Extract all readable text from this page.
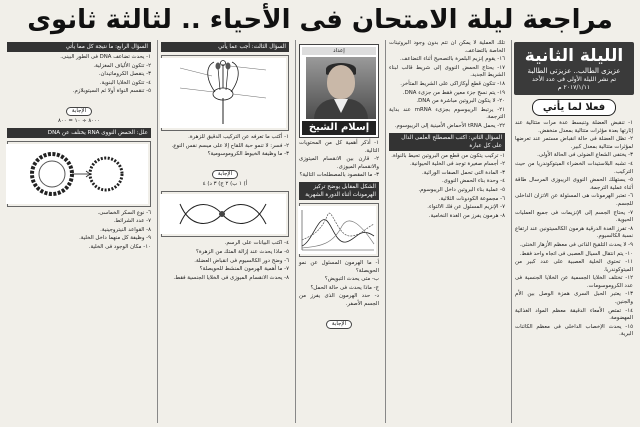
مراجعة ليلة الامتحان فى الأحياء .. لثالثة ثانوى
الليلة الثانية
عزيزى الطالب.. عزيزتى الطالبة
تم نشر الليلة الأولى فى عدد الأحد ٢٠١٧/١/١١ م
فعلا لما يأتي

١- تنقبض العضلة وتنبسط عدة مرات متتالية عند إثارتها بعدة مؤثرات متتالية بمعدل منخفض.

٢- تظل العضلة فى حالة انقباض مستمر عند تعرضها لمؤثرات متتالية بمعدل كبير.

٣- يختفى الشعاع الضوئى فى الحالة الأولى.

٤- تشبه البلاستيدات الخضراء الميتوكوندريا من حيث التركيب.

٥- يستهلك الحمض النووى الريبوزى المرسال طاقة أثناء عملية الترجمة.

٦- تعتبر الهرمونات هى المسئولة عن الاتزان الداخلى للجسم.

٧- يحتاج الجسم إلى الإنزيمات فى جميع العمليات الحيوية.

٨- تفرز الغدة الدرقية هرمون الكالسيتونين عند ارتفاع نسبة الكالسيوم.

٩- لا يحدث التلقيح الذاتى فى معظم الأزهار الخنثى.

١٠- يتم انتقال السيال العصبى فى اتجاه واحد فقط.

١١- تحتوى الخلية العصبية على عدد كبير من الميتوكوندريا.

١٢- تختلف الخلايا الجسمية عن الخلايا الجنسية فى عدد الكروموسومات.

١٣- يعتبر الحبل السرى همزة الوصل بين الأم والجنين.

١٤- تمتص الأمعاء الدقيقة معظم المواد الغذائية المهضومة.

١٥- يحدث الإخصاب الداخلى فى معظم الكائنات البرية.

تلك العملية لا يمكن أن تتم بدون وجود البروتينات الخاصة بالتضاعف.

١٦- يقوم إنزيم البلمرة بالتصحيح أثناء التضاعف.

١٧- يحتاج الحمض النووى إلى شريط قالب لبناء الشريط الجديد.

١٨- تتكون قطع أوكازاكى على الشريط المتأخر.

١٩- يتم نسخ جزء معين فقط من جزىء DNA.

٢٠- لا يتكون البروتين مباشرة من DNA.

٢١- يرتبط الريبوسوم بجزىء mRNA عند بداية الترجمة.

٢٢- يحمل tRNA الأحماض الأمينية إلى الريبوسوم.

السؤال الثاني: اكتب المصطلح العلمى الدال على كل عبارة

١- تركيب يتكون من قطع من البروتين تحيط بالنواة.

٢- أجسام صغيرة توجد فى الخلية الحيوانية.

٣- المادة التى تحمل الصفات الوراثية.

٤- وحدة بناء الحمض النووى.

٥- عملية بناء البروتين داخل الريبوسوم.

٦- مجموعة الكودونات الثلاثية.

٧- الإنزيم المسئول عن فك الالتواء.

٨- هرمون يفرز من الغدة النخامية.

إعداد
إسلام الشيخ

١- أذكر أهمية كل من المحتويات التالية.

٢- قارن بين الانقسام الميتوزى والانقسام الميوزى.

٣- ما المقصود بالمصطلحات التالية؟

الشكل المقابل يوضح تركيز الهرمونات أثناء الدورة الشهرية

أ- ما الهرمون المسئول عن نمو الحويصلة؟

ب- متى يحدث التبويض؟

ج- ماذا يحدث فى حالة الحمل؟

د- حدد الهرمون الذى يفرز من الجسم الأصفر.

الإجابة
السؤال الثالث: أجب عما يأتي

١- أكتب ما تعرفه عن التركيب الدقيق للزهرة.

٢- فسر: لا تنمو حبة اللقاح إلا على ميسم نفس النوع.

٣- ما وظيفة الخيوط الكروموسومية؟

الإجابة
أ) ١ ب) ٢ ج) ٣ د) ٤

٤- اكتب البيانات على الرسم.

٥- ماذا يحدث عند إزالة المتك من الزهرة؟

٦- وضح دور الكالسيوم فى انقباض العضلة.

٧- ما أهمية الهرمون المنشط للحويصلة؟

٨- يحدث الانقسام الميوزى فى الخلايا الجنسية فقط.

السؤال الرابع: ما نتيجة كل مما يأتي

١- يحدث تضاعف DNA فى الطور البينى.

٢- تتكون الألياف المغزلية.

٣- ينفصل الكروماتيدان.

٤- تتكون الخلايا البنوية.

٥- تنقسم النواة أولا ثم السيتوبلازم.

الإجابة
٨٠٠٠ ÷ ١٠ = ٨٠٠
علل: الحمض النووى RNA يختلف عن DNA

٦- نوع السكر الخماسى.

٧- عدد الشرائط.

٨- القواعد النيتروجينية.

٩- وظيفة كل منهما داخل الخلية.

١٠- مكان الوجود فى الخلية.
